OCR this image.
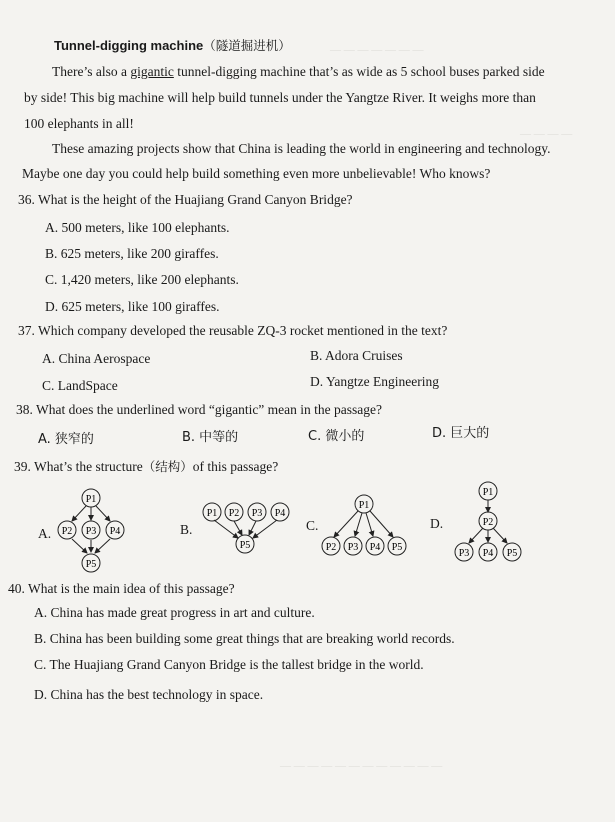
— — — — — — —
— — — —
— — — — — — — — — — — —
Tunnel-digging machine（隧道掘进机）
There’s also a gigantic tunnel-digging machine that’s as wide as 5 school buses parked side
by side! This big machine will help build tunnels under the Yangtze River. It weighs more than
100 elephants in all!
These amazing projects show that China is leading the world in engineering and technology.
Maybe one day you could help build something even more unbelievable! Who knows?
36. What is the height of the Huajiang Grand Canyon Bridge?
A. 500 meters, like 100 elephants.
B. 625 meters, like 200 giraffes.
C. 1,420 meters, like 200 elephants.
D. 625 meters, like 100 giraffes.
37. Which company developed the reusable ZQ-3 rocket mentioned in the text?
A. China Aerospace	B. Adora Cruises
C. LandSpace	D. Yangtze Engineering
38. What does the underlined word “gigantic” mean in the passage?
A. 狭窄的	B. 中等的	C. 微小的	D. 巨大的
39. What’s the structure（结构）of this passage?
A.	B.	C.	D.
P1
P2 P3 P4
P5
P1 P2 P3 P4
P5
P1
P2 P3 P4 P5
P1
P2
P3 P4 P5
40. What is the main idea of this passage?
A. China has made great progress in art and culture.
B. China has been building some great things that are breaking world records.
C. The Huajiang Grand Canyon Bridge is the tallest bridge in the world.
D. China has the best technology in space.
